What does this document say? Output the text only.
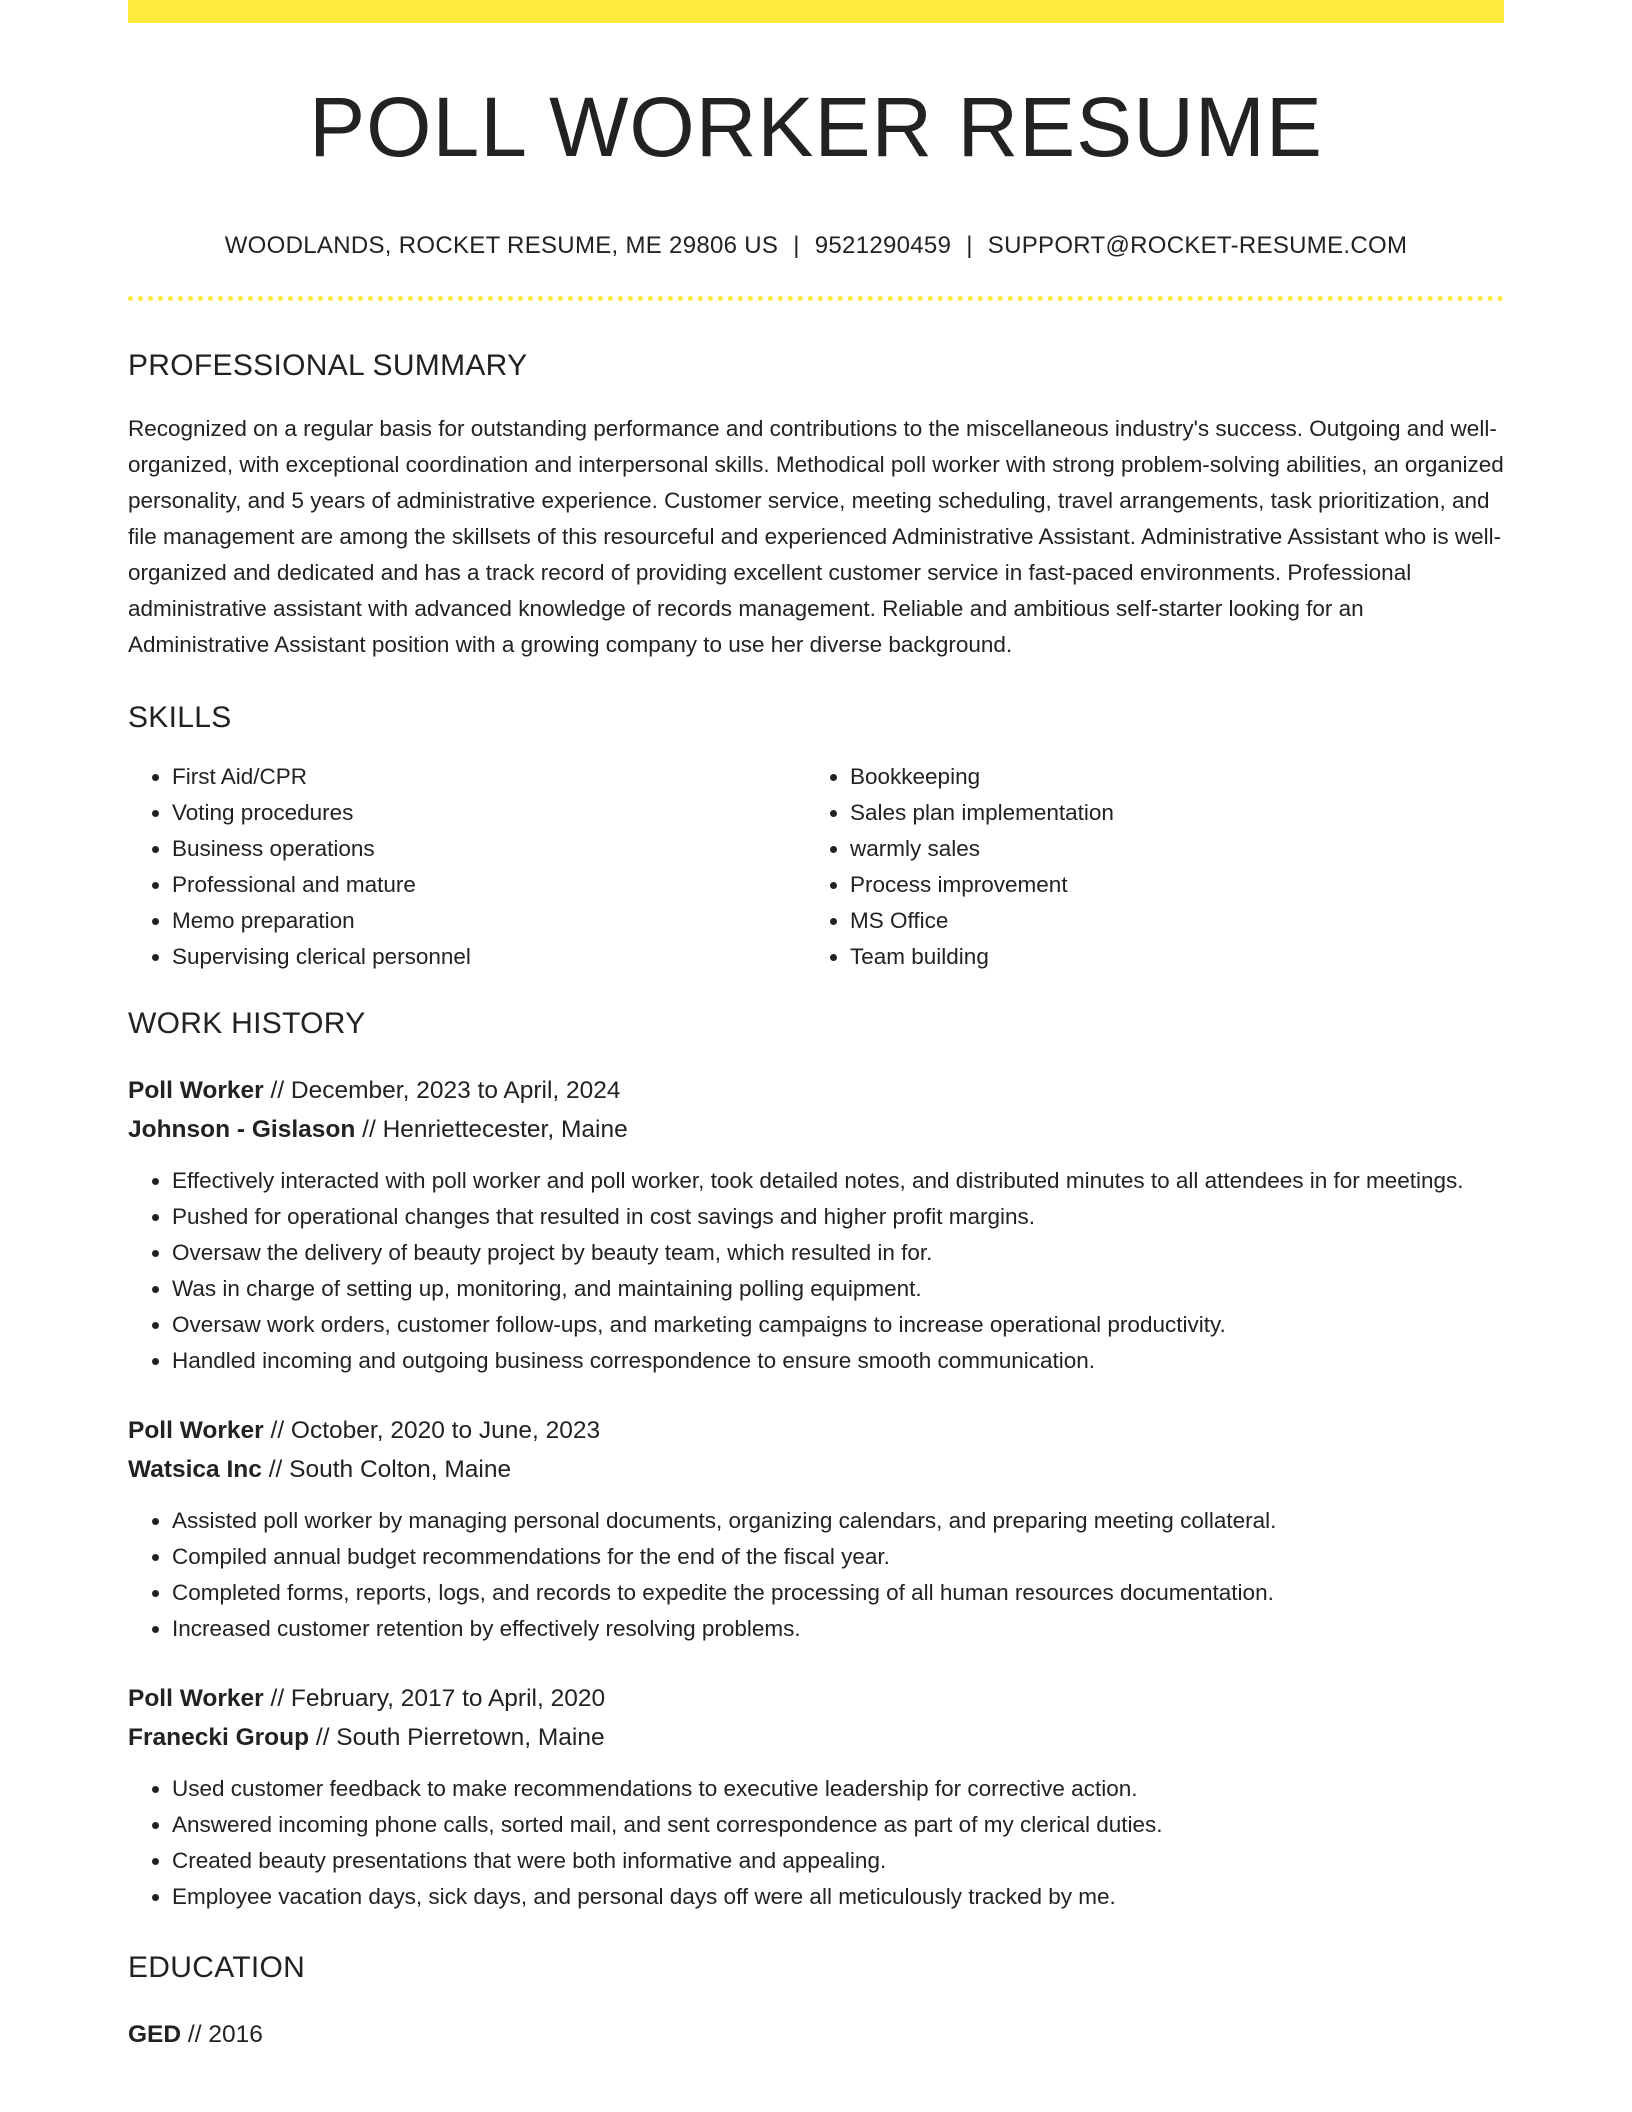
POLL WORKER RESUME
WOODLANDS, ROCKET RESUME, ME 29806 US | 9521290459 | SUPPORT@ROCKET-RESUME.COM
PROFESSIONAL SUMMARY
Recognized on a regular basis for outstanding performance and contributions to the miscellaneous industry's success. Outgoing and well-organized, with exceptional coordination and interpersonal skills. Methodical poll worker with strong problem-solving abilities, an organized personality, and 5 years of administrative experience. Customer service, meeting scheduling, travel arrangements, task prioritization, and file management are among the skillsets of this resourceful and experienced Administrative Assistant. Administrative Assistant who is well-organized and dedicated and has a track record of providing excellent customer service in fast-paced environments. Professional administrative assistant with advanced knowledge of records management. Reliable and ambitious self-starter looking for an Administrative Assistant position with a growing company to use her diverse background.
SKILLS
• First Aid/CPR
• Voting procedures
• Business operations
• Professional and mature
• Memo preparation
• Supervising clerical personnel
• Bookkeeping
• Sales plan implementation
• warmly sales
• Process improvement
• MS Office
• Team building
WORK HISTORY
Poll Worker // December, 2023 to April, 2024
Johnson - Gislason // Henriettecester, Maine
• Effectively interacted with poll worker and poll worker, took detailed notes, and distributed minutes to all attendees in for meetings.
• Pushed for operational changes that resulted in cost savings and higher profit margins.
• Oversaw the delivery of beauty project by beauty team, which resulted in for.
• Was in charge of setting up, monitoring, and maintaining polling equipment.
• Oversaw work orders, customer follow-ups, and marketing campaigns to increase operational productivity.
• Handled incoming and outgoing business correspondence to ensure smooth communication.
Poll Worker // October, 2020 to June, 2023
Watsica Inc // South Colton, Maine
• Assisted poll worker by managing personal documents, organizing calendars, and preparing meeting collateral.
• Compiled annual budget recommendations for the end of the fiscal year.
• Completed forms, reports, logs, and records to expedite the processing of all human resources documentation.
• Increased customer retention by effectively resolving problems.
Poll Worker // February, 2017 to April, 2020
Franecki Group // South Pierretown, Maine
• Used customer feedback to make recommendations to executive leadership for corrective action.
• Answered incoming phone calls, sorted mail, and sent correspondence as part of my clerical duties.
• Created beauty presentations that were both informative and appealing.
• Employee vacation days, sick days, and personal days off were all meticulously tracked by me.
EDUCATION
GED // 2016
